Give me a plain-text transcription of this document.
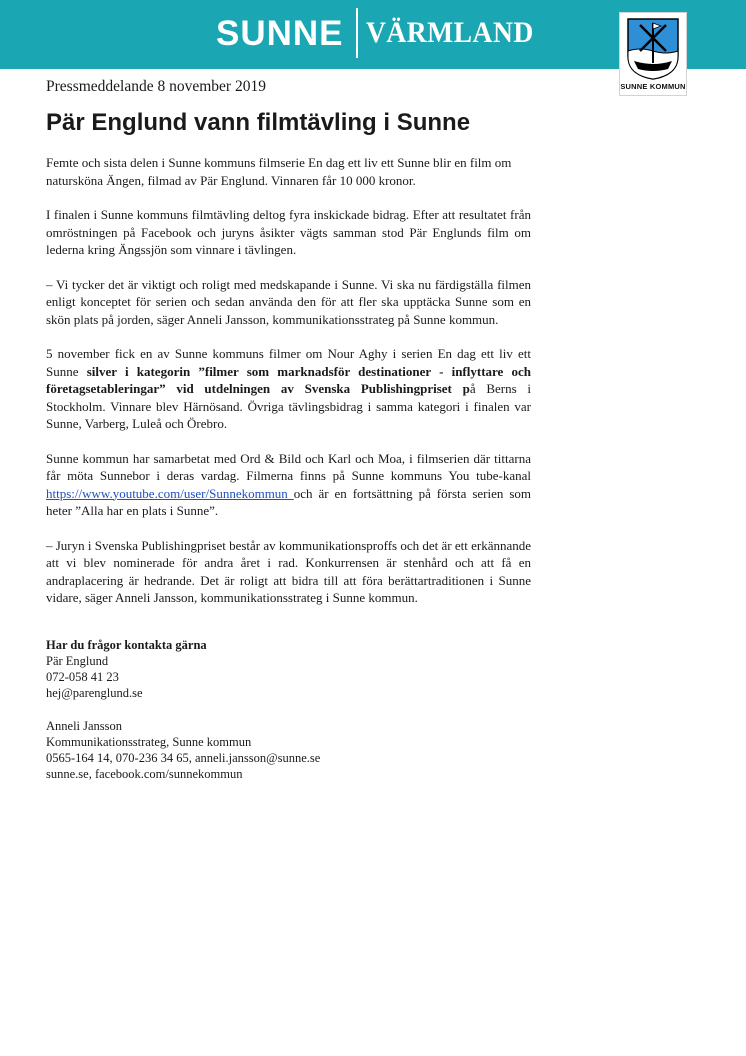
SUNNE VÄRMLAND
SUNNE KOMMUN

Pressmeddelande 8 november 2019

Pär Englund vann filmtävling i Sunne

Femte och sista delen i Sunne kommuns filmserie En dag ett liv ett Sunne blir en film om natursköna Ängen, filmad av Pär Englund. Vinnaren får 10 000 kronor.

I finalen i Sunne kommuns filmtävling deltog fyra inskickade bidrag. Efter att resultatet från omröstningen på Facebook och juryns åsikter vägts samman stod Pär Englunds film om lederna kring Ängssjön som vinnare i tävlingen.

– Vi tycker det är viktigt och roligt med medskapande i Sunne. Vi ska nu färdigställa filmen enligt konceptet för serien och sedan använda den för att fler ska upptäcka Sunne som en skön plats på jorden, säger Anneli Jansson, kommunikationsstrateg på Sunne kommun.

5 november fick en av Sunne kommuns filmer om Nour Aghy i serien En dag ett liv ett Sunne silver i kategorin ”filmer som marknadsför destinationer - inflyttare och företagsetableringar” vid utdelningen av Svenska Publishingpriset på Berns i Stockholm. Vinnare blev Härnösand. Övriga tävlingsbidrag i samma kategori i finalen var Sunne, Varberg, Luleå och Örebro.

Sunne kommun har samarbetat med Ord & Bild och Karl och Moa, i filmserien där tittarna får möta Sunnebor i deras vardag. Filmerna finns på Sunne kommuns You tube-kanal https://www.youtube.com/user/Sunnekommun och är en fortsättning på första serien som heter ”Alla har en plats i Sunne”.

– Juryn i Svenska Publishingpriset består av kommunikationsproffs och det är ett erkännande att vi blev nominerade för andra året i rad. Konkurrensen är stenhård och att få en andraplacering är hedrande. Det är roligt att bidra till att föra berättartraditionen i Sunne vidare, säger Anneli Jansson, kommunikationsstrateg i Sunne kommun.

Har du frågor kontakta gärna
Pär Englund
072-058 41 23
hej@parenglund.se
Anneli Jansson
Kommunikationsstrateg, Sunne kommun
0565-164 14, 070-236 34 65, anneli.jansson@sunne.se
sunne.se, facebook.com/sunnekommun
